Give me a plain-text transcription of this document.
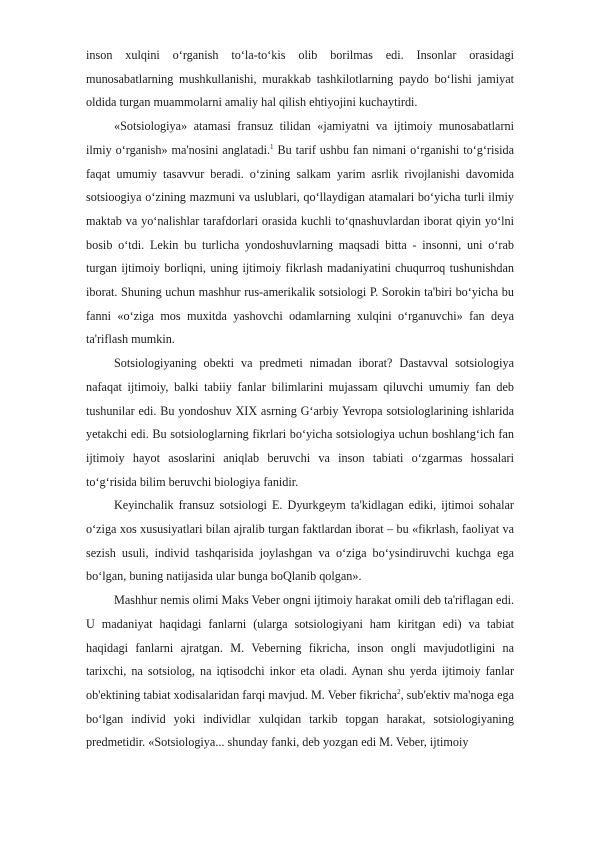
inson xulqini o‘rganish to‘la-to‘kis olib borilmas edi. Insonlar orasidagi munosabatlarning mushkullanishi, murakkab tashkilotlarning paydo bo‘lishi jamiyat oldida turgan muammolarni amaliy hal qilish ehtiyojini kuchaytirdi.

«Sotsiologiya» atamasi fransuz tilidan «jamiyatni va ijtimoiy munosabatlarni ilmiy o‘rganish» ma'nosini anglatadi.$^1$ Bu tarif ushbu fan nimani o‘rganishi to‘g‘risida faqat umumiy tasavvur beradi. o‘zining salkam yarim asrlik rivojlanishi davomida sotsioogiya o‘zining mazmuni va uslublari, qo‘llaydigan atamalari bo‘yicha turli ilmiy maktab va yo‘nalishlar tarafdorlari orasida kuchli to‘qnashuvlardan iborat qiyin yo‘lni bosib o‘tdi. Lekin bu turlicha yondoshuvlarning maqsadi bitta - insonni, uni o‘rab turgan ijtimoiy borliqni, uning ijtimoiy fikrlash madaniyatini chuqurroq tushunishdan iborat. Shuning uchun mashhur rus-amerikalik sotsiologi P. Sorokin ta'biri bo‘yicha bu fanni «o‘ziga mos muxitda yashovchi odamlarning xulqini o‘rganuvchi» fan deya ta'riflash mumkin.

Sotsiologiyaning obekti va predmeti nimadan iborat? Dastavval sotsiologiya nafaqat ijtimoiy, balki tabiiy fanlar bilimlarini mujassam qiluvchi umumiy fan deb tushunilar edi. Bu yondoshuv XIX asrning G‘arbiy Yevropa sotsiologlarining ishlarida yetakchi edi. Bu sotsiologlarning fikrlari bo‘yicha sotsiologiya uchun boshlang‘ich fan ijtimoiy hayot asoslarini aniqlab beruvchi va inson tabiati o‘zgarmas hossalari to‘g‘risida bilim beruvchi biologiya fanidir.

Keyinchalik fransuz sotsiologi E. Dyurkgeym ta'kidlagan ediki, ijtimoi sohalar o‘ziga xos xususiyatlari bilan ajralib turgan faktlardan iborat – bu «fikrlash, faoliyat va sezish usuli, individ tashqarisida joylashgan va o‘ziga bo‘ysindiruvchi kuchga ega bo‘lgan, buning natijasida ular bunga boQlanib qolgan».

Mashhur nemis olimi Maks Veber ongni ijtimoiy harakat omili deb ta'riflagan edi. U madaniyat haqidagi fanlarni (ularga sotsiologiyani ham kiritgan edi) va tabiat haqidagi fanlarni ajratgan. M. Veberning fikricha, inson ongli mavjudotligini na tarixchi, na sotsiolog, na iqtisodchi inkor eta oladi. Aynan shu yerda ijtimoiy fanlar ob'ektining tabiat xodisalaridan farqi mavjud. M. Veber fikricha$^2$, sub'ektiv ma'noga ega bo‘lgan individ yoki individlar xulqidan tarkib topgan harakat, sotsiologiyaning predmetidir. «Sotsiologiya... shunday fanki, deb yozgan edi M. Veber, ijtimoiy
